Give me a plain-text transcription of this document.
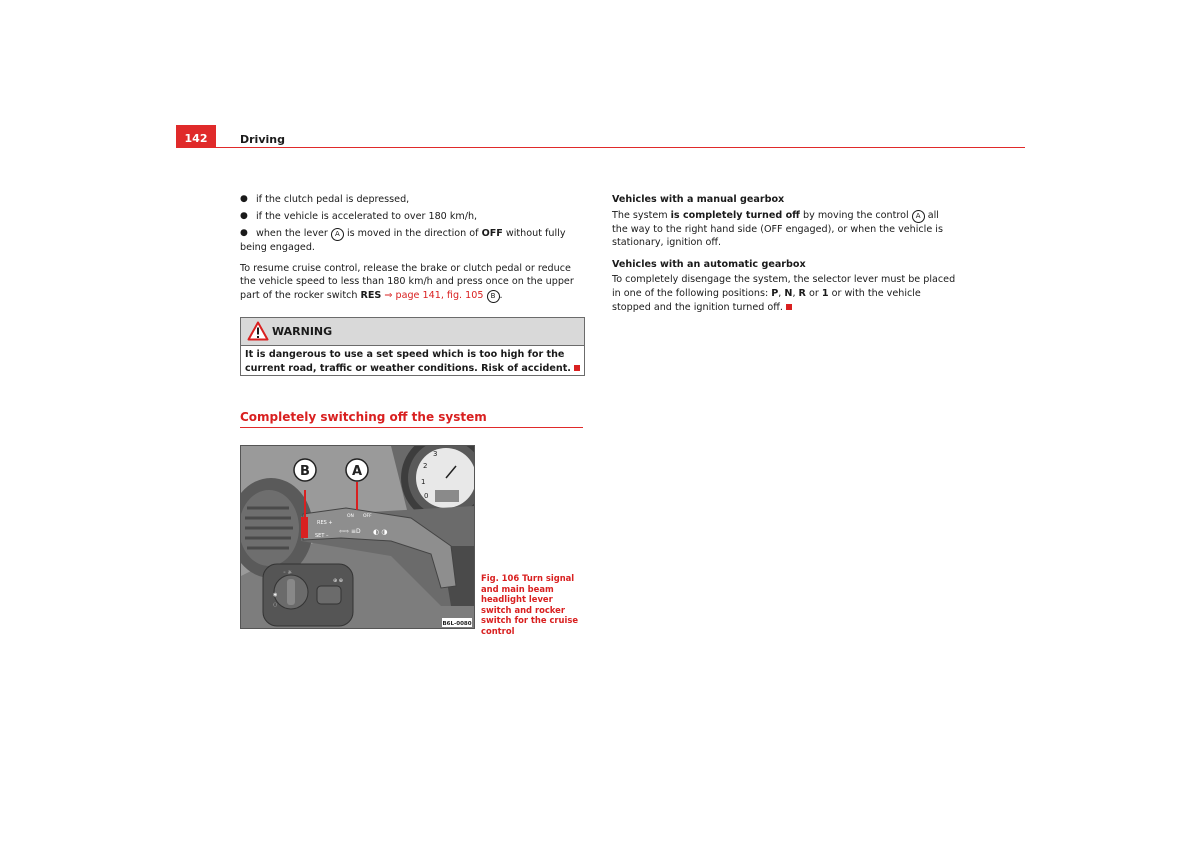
142	Driving
● if the clutch pedal is depressed,
● if the vehicle is accelerated to over 180 km/h,
● when the lever A is moved in the direction of OFF without fully being engaged.

To resume cruise control, release the brake or clutch pedal or reduce the vehicle speed to less than 180 km/h and press once on the upper part of the rocker switch RES ⇒ page 141, fig. 105 B .

WARNING
It is dangerous to use a set speed which is too high for the current road, traffic or weather conditions. Risk of accident.
Completely switching off the system
3
2
1
0
RES +
SET –
ON OFF
⇦⇨ ≡D ◐ ◑
B	A
◦ ☼
⊕ ⊕
◉
◌
B6L-0080
Fig. 106 Turn signal and main beam headlight lever switch and rocker switch for the cruise control
Vehicles with a manual gearbox

The system is completely turned off by moving the control A all the way to the right hand side (OFF engaged), or when the vehicle is stationary, ignition off.

Vehicles with an automatic gearbox

To completely disengage the system, the selector lever must be placed in one of the following positions: P, N, R or 1 or with the vehicle stopped and the ignition turned off.
